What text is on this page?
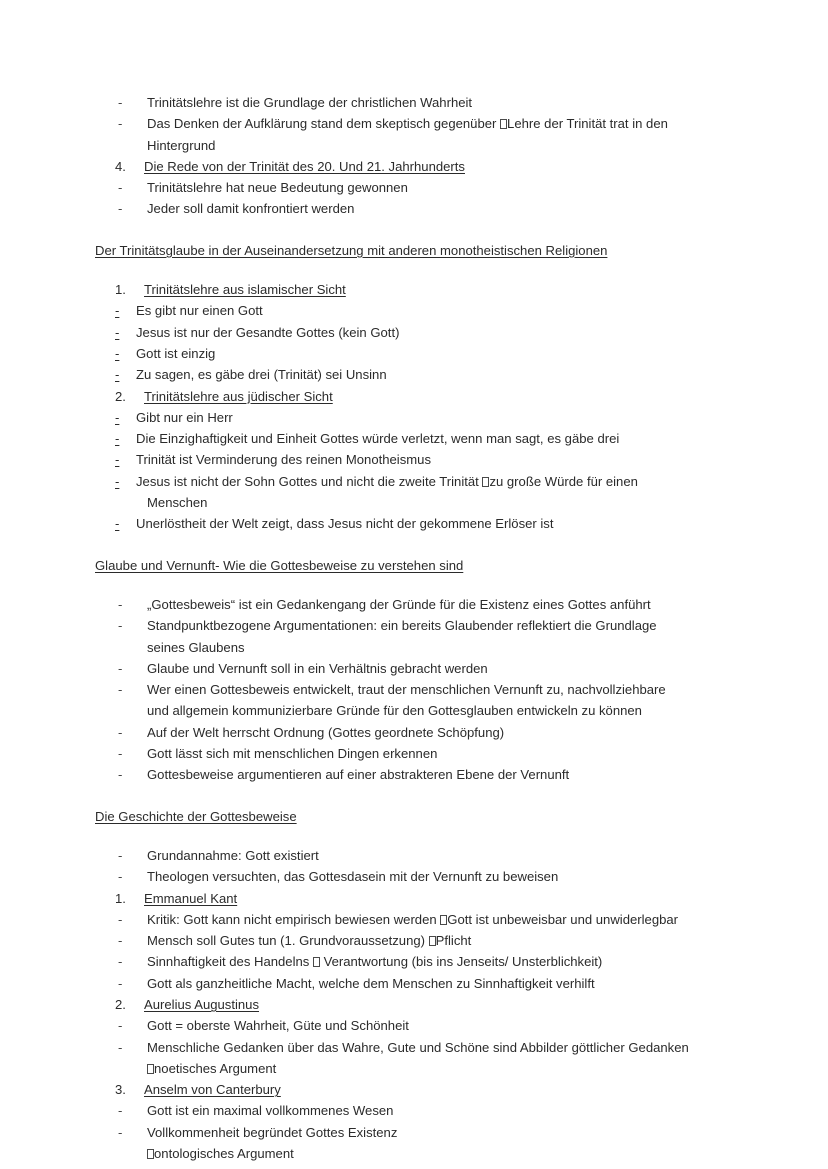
-	Trinitätslehre ist die Grundlage der christlichen Wahrheit
-	Das Denken der Aufklärung stand dem skeptisch gegenüber Lehre der Trinität trat in den
Hintergrund
4. Die Rede von der Trinität des 20. Und 21. Jahrhunderts
-	Trinitätslehre hat neue Bedeutung gewonnen
-	Jeder soll damit konfrontiert werden
Der Trinitätsglaube in der Auseinandersetzung mit anderen monotheistischen Religionen
1. Trinitätslehre aus islamischer Sicht
- Es gibt nur einen Gott
- Jesus ist nur der Gesandte Gottes (kein Gott)
- Gott ist einzig
- Zu sagen, es gäbe drei (Trinität) sei Unsinn
2. Trinitätslehre aus jüdischer Sicht
- Gibt nur ein Herr
- Die Einzighaftigkeit und Einheit Gottes würde verletzt, wenn man sagt, es gäbe drei
- Trinität ist Verminderung des reinen Monotheismus
- Jesus ist nicht der Sohn Gottes und nicht die zweite Trinität zu große Würde für einen
Menschen
- Unerlöstheit der Welt zeigt, dass Jesus nicht der gekommene Erlöser ist
Glaube und Vernunft- Wie die Gottesbeweise zu verstehen sind
-	„Gottesbeweis“ ist ein Gedankengang der Gründe für die Existenz eines Gottes anführt
-	Standpunktbezogene Argumentationen: ein bereits Glaubender reflektiert die Grundlage
seines Glaubens
-	Glaube und Vernunft soll in ein Verhältnis gebracht werden
-	Wer einen Gottesbeweis entwickelt, traut der menschlichen Vernunft zu, nachvollziehbare
und allgemein kommunizierbare Gründe für den Gottesglauben entwickeln zu können
-	Auf der Welt herrscht Ordnung (Gottes geordnete Schöpfung)
-	Gott lässt sich mit menschlichen Dingen erkennen
-	Gottesbeweise argumentieren auf einer abstrakteren Ebene der Vernunft
Die Geschichte der Gottesbeweise
-	Grundannahme: Gott existiert
-	Theologen versuchten, das Gottesdasein mit der Vernunft zu beweisen
1. Emmanuel Kant
-	Kritik: Gott kann nicht empirisch bewiesen werden Gott ist unbeweisbar und unwiderlegbar
-	Mensch soll Gutes tun (1. Grundvoraussetzung) Pflicht
-	Sinnhaftigkeit des Handelns Verantwortung (bis ins Jenseits/ Unsterblichkeit)
-	Gott als ganzheitliche Macht, welche dem Menschen zu Sinnhaftigkeit verhilft
2. Aurelius Augustinus
-	Gott = oberste Wahrheit, Güte und Schönheit
-	Menschliche Gedanken über das Wahre, Gute und Schöne sind Abbilder göttlicher Gedanken
noetisches Argument
3. Anselm von Canterbury
-	Gott ist ein maximal vollkommenes Wesen
-	Vollkommenheit begründet Gottes Existenz
ontologisches Argument
